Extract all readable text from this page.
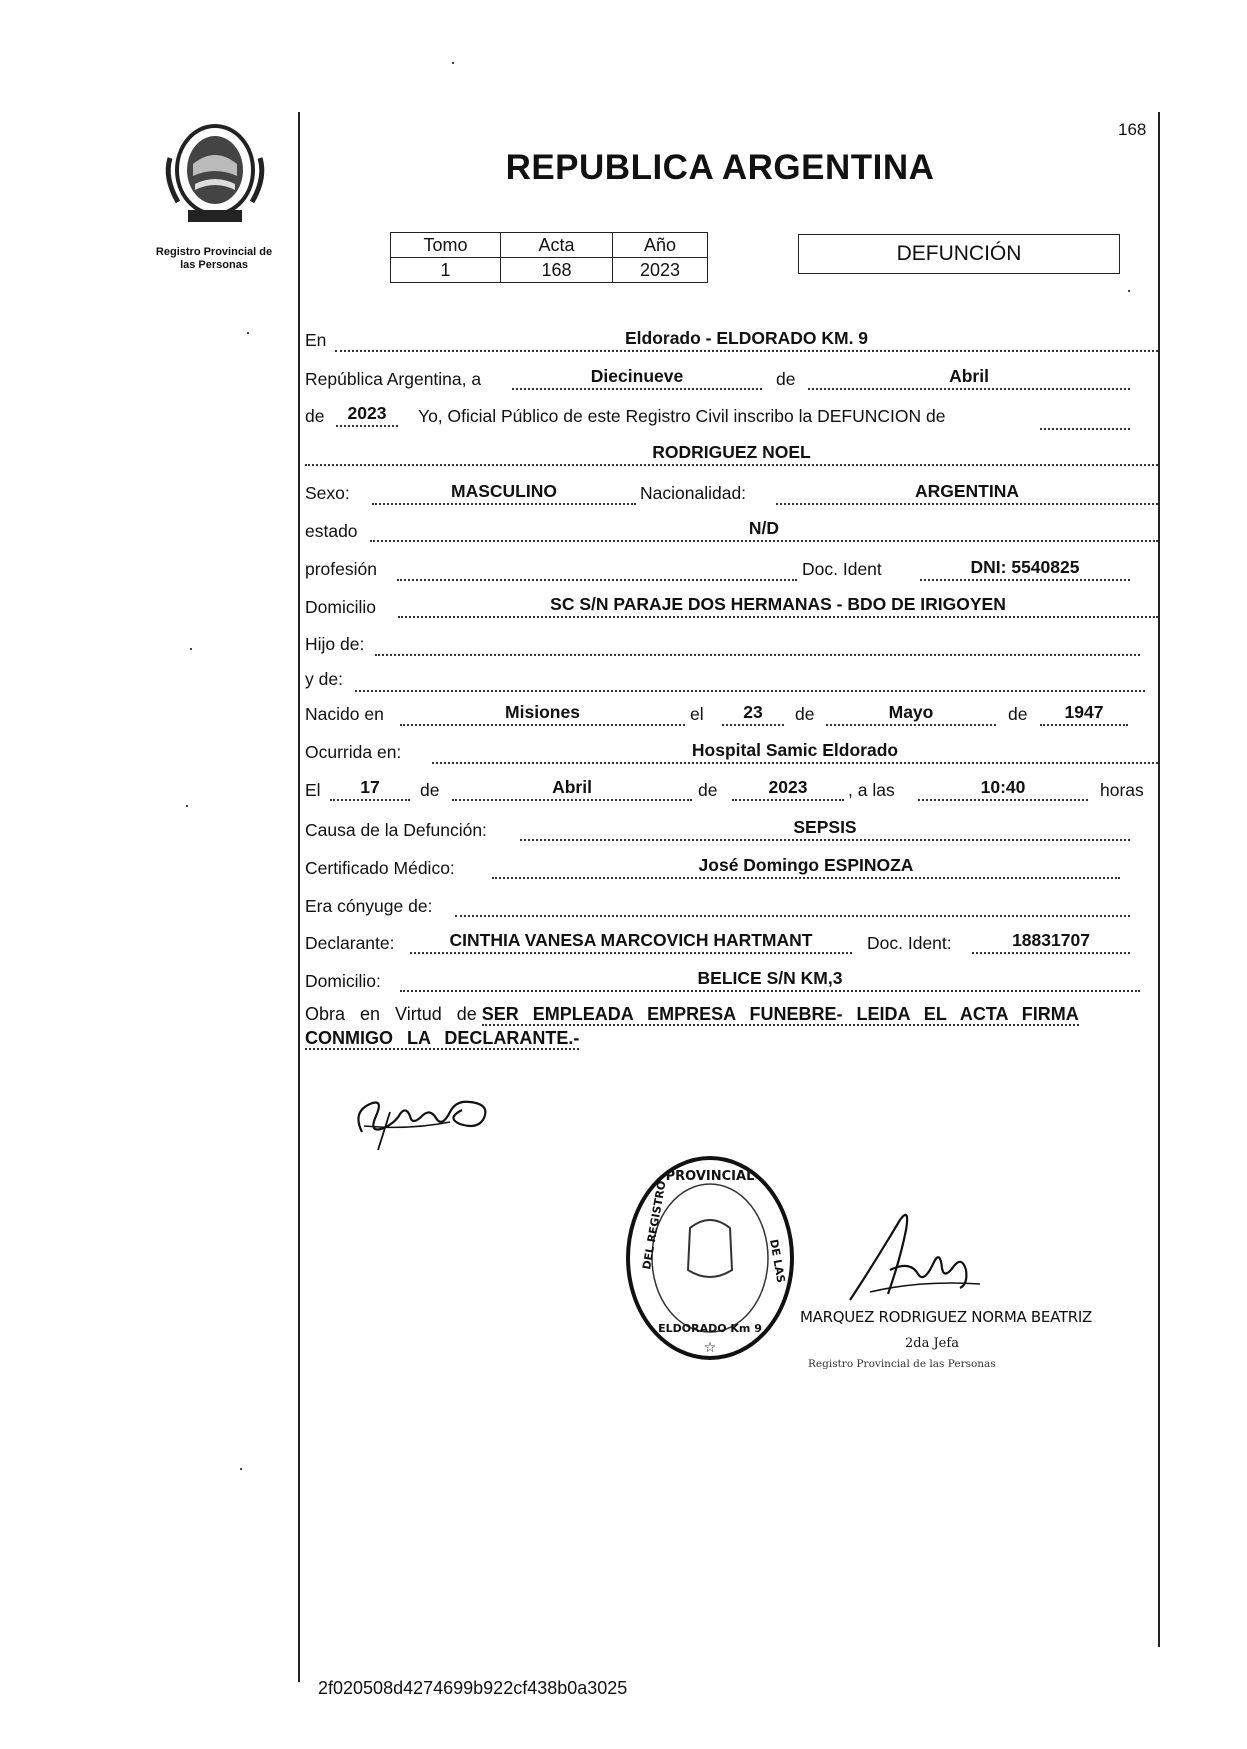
Registro Provincial de
las Personas
168
REPUBLICA ARGENTINA
Tomo	Acta	Año
1	168	2023
DEFUNCIÓN
En	Eldorado - ELDORADO KM. 9
República Argentina, a	Diecinueve	de	Abril
de	2023	Yo, Oficial Público de este Registro Civil inscribo la DEFUNCION de
RODRIGUEZ NOEL
Sexo:	MASCULINO	Nacionalidad:	ARGENTINA
estado	N/D
profesión	Doc. Ident	DNI: 5540825
Domicilio	SC S/N PARAJE DOS HERMANAS - BDO DE IRIGOYEN
Hijo de:
y de:
Nacido en	Misiones	el	23	de	Mayo	de	1947
Ocurrida en:	Hospital Samic Eldorado
El	17	de	Abril	de	2023	, a las	10:40	horas
Causa de la Defunción:	SEPSIS
Certificado Médico:	José Domingo ESPINOZA
Era cónyuge de:
Declarante:	CINTHIA VANESA MARCOVICH HARTMANT	Doc. Ident:	18831707
Domicilio:	BELICE S/N KM,3
Obra en Virtud de SER EMPLEADA EMPRESA FUNEBRE- LEIDA EL ACTA FIRMA CONMIGO LA DECLARANTE.-
PROVINCIAL
DEL REGISTRO	DE LAS
ELDORADO Km 9
☆
MARQUEZ RODRIGUEZ NORMA BEATRIZ
2da Jefa
Registro Provincial de las Personas
2f020508d4274699b922cf438b0a3025
